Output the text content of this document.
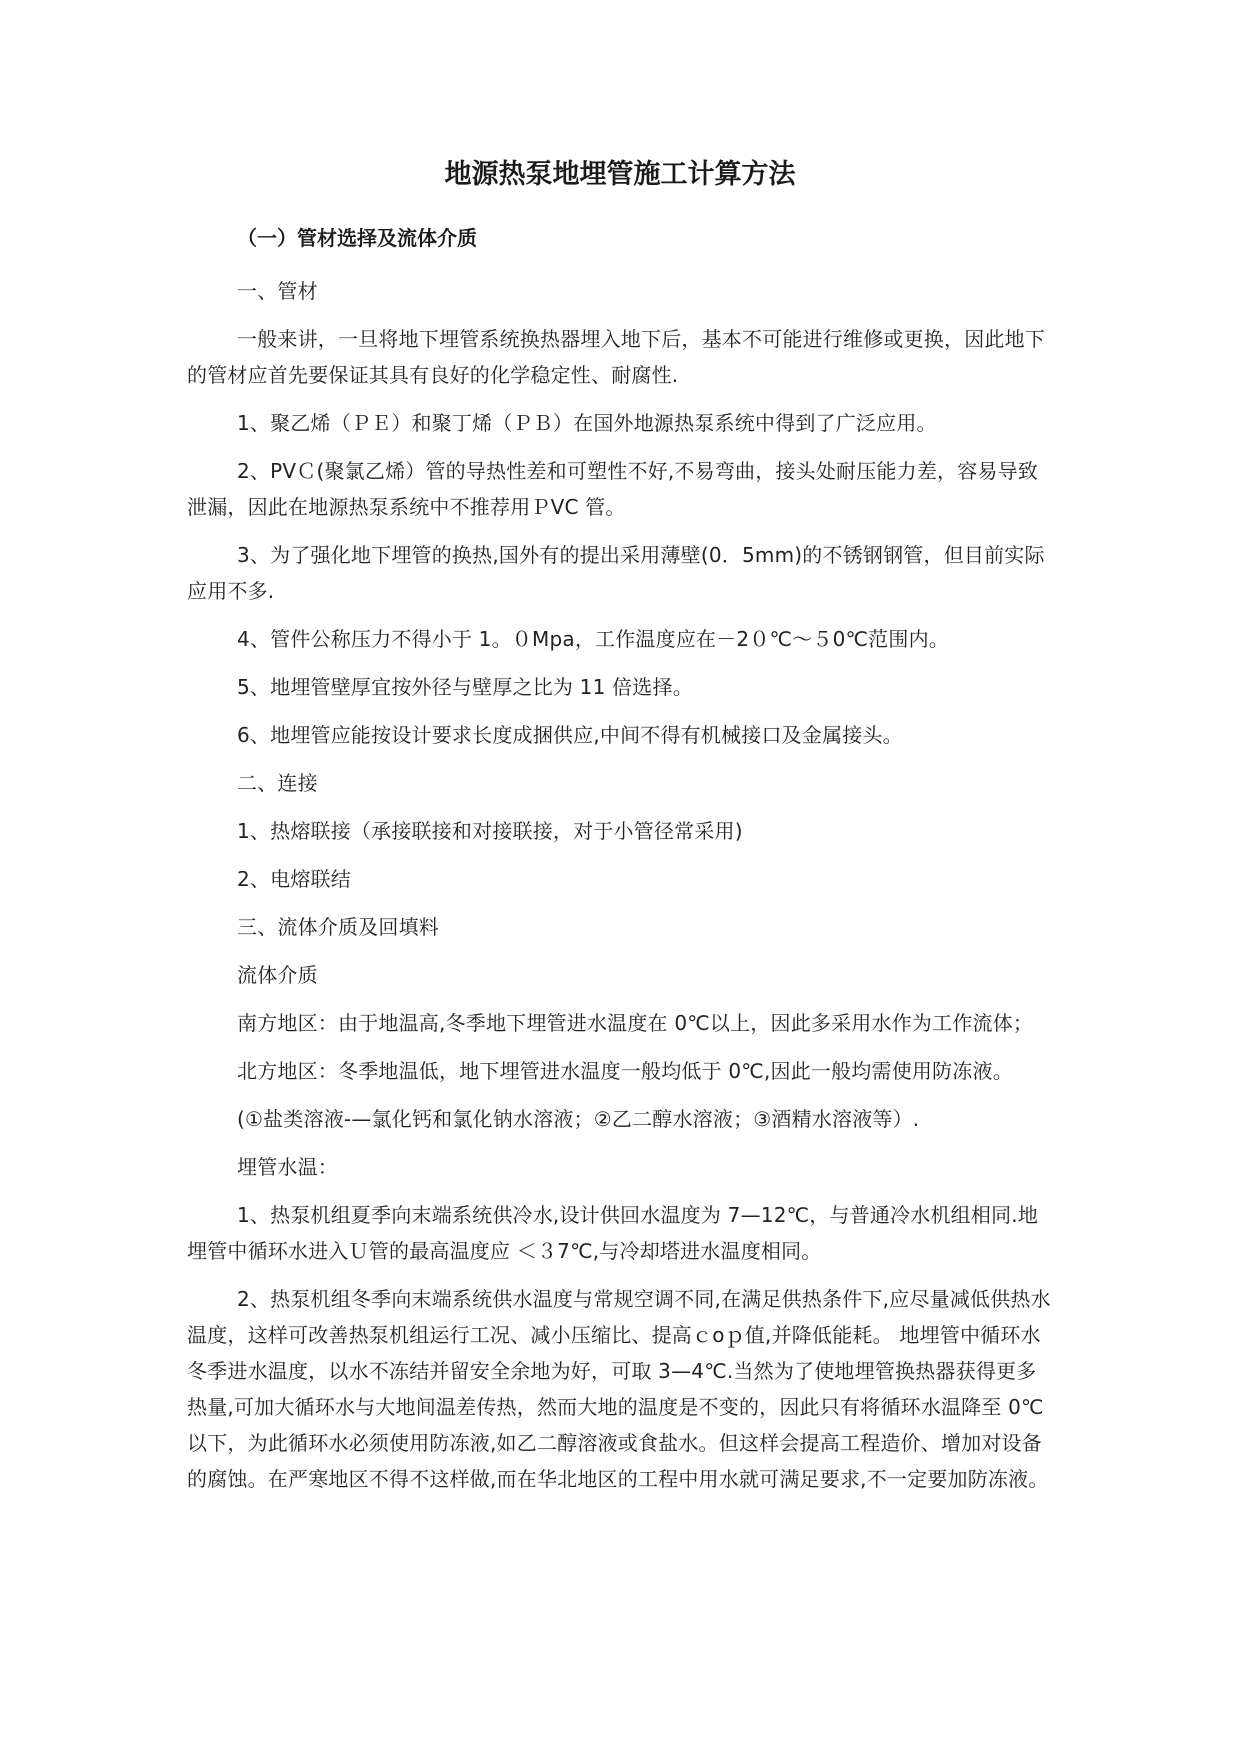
地源热泵地埋管施工计算方法
（一）管材选择及流体介质

一、管材

一般来讲，一旦将地下埋管系统换热器埋入地下后，基本不可能进行维修或更换，因此地下的管材应首先要保证其具有良好的化学稳定性、耐腐性.

1、聚乙烯（ＰＥ）和聚丁烯（ＰＢ）在国外地源热泵系统中得到了广泛应用。

2、PVＣ(聚氯乙烯）管的导热性差和可塑性不好,不易弯曲，接头处耐压能力差，容易导致泄漏，因此在地源热泵系统中不推荐用ＰVC 管。

3、为了强化地下埋管的换热,国外有的提出采用薄壁(0．5mm)的不锈钢钢管，但目前实际应用不多.

4、管件公称压力不得小于 1。０Mpa，工作温度应在－2０℃～５0℃范围内。

5、地埋管壁厚宜按外径与壁厚之比为 11 倍选择。

6、地埋管应能按设计要求长度成捆供应,中间不得有机械接口及金属接头。

二、连接

1、热熔联接（承接联接和对接联接，对于小管径常采用)

2、电熔联结

三、流体介质及回填料

流体介质

南方地区：由于地温高,冬季地下埋管进水温度在 0℃以上，因此多采用水作为工作流体；

北方地区：冬季地温低，地下埋管进水温度一般均低于 0℃,因此一般均需使用防冻液。

(①盐类溶液-—氯化钙和氯化钠水溶液；②乙二醇水溶液；③酒精水溶液等）.

埋管水温：

1、热泵机组夏季向末端系统供冷水,设计供回水温度为 7—12℃，与普通冷水机组相同.地埋管中循环水进入Ｕ管的最高温度应 ＜３7℃,与冷却塔进水温度相同。

2、热泵机组冬季向末端系统供水温度与常规空调不同,在满足供热条件下,应尽量减低供热水温度，这样可改善热泵机组运行工况、减小压缩比、提高ｃoｐ值,并降低能耗。 地埋管中循环水冬季进水温度，以水不冻结并留安全余地为好，可取 3—4℃.当然为了使地埋管换热器获得更多热量,可加大循环水与大地间温差传热，然而大地的温度是不变的，因此只有将循环水温降至 0℃以下，为此循环水必须使用防冻液,如乙二醇溶液或食盐水。但这样会提高工程造价、增加对设备的腐蚀。在严寒地区不得不这样做,而在华北地区的工程中用水就可满足要求,不一定要加防冻液。
